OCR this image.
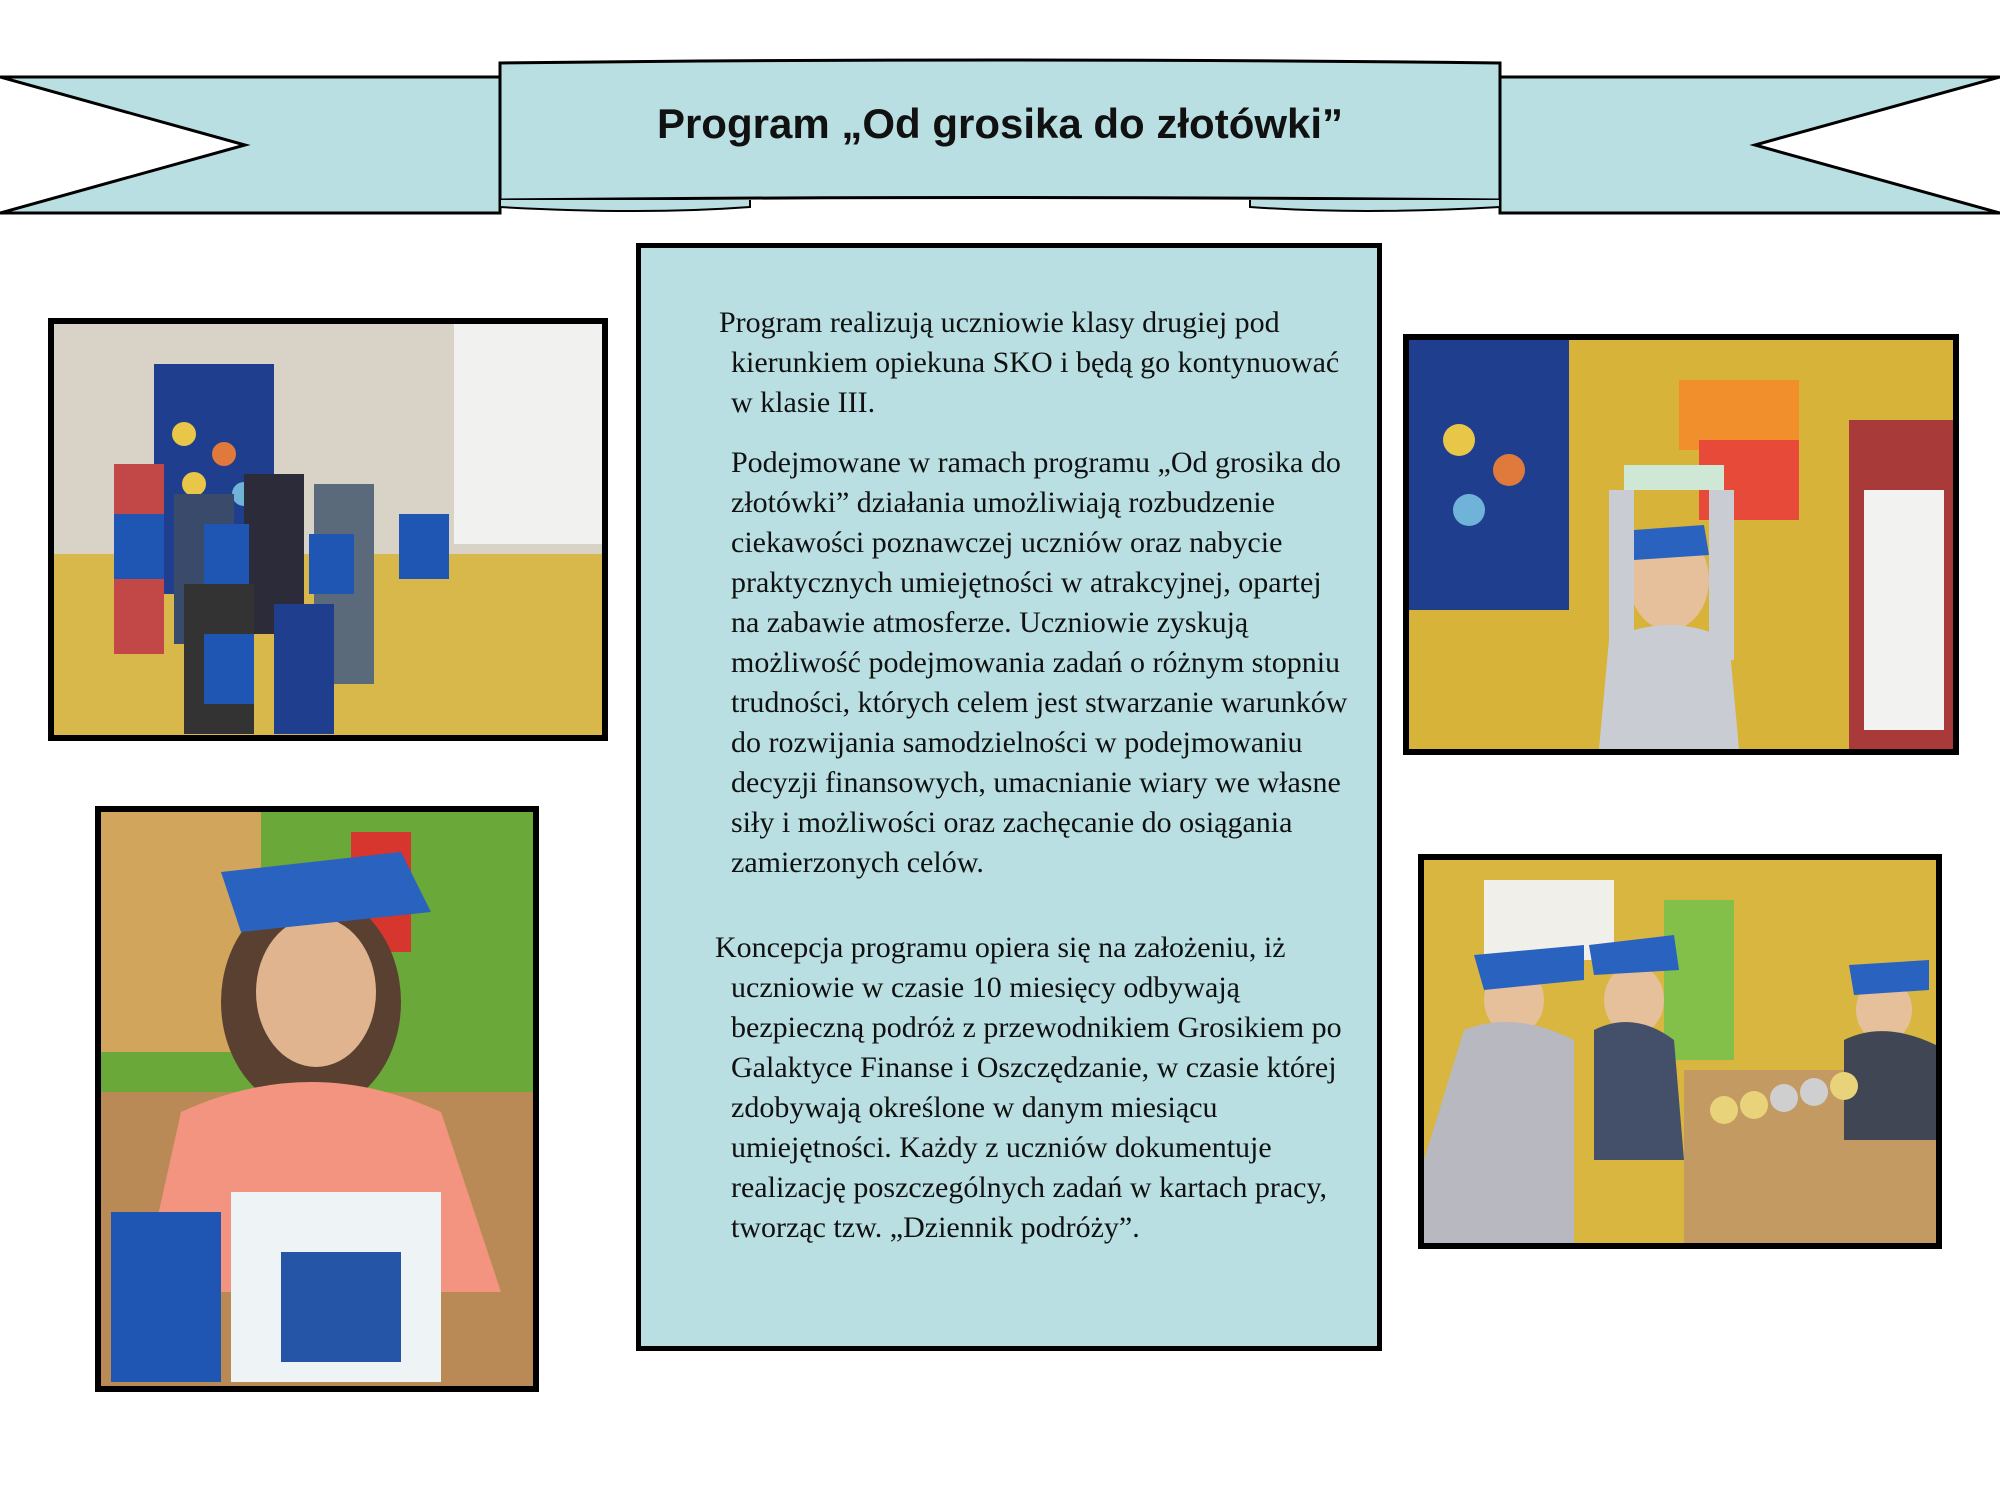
Program „Od grosika do złotówki”
Program realizują uczniowie klasy drugiej pod
kierunkiem opiekuna SKO i będą go kontynuować w klasie III.
Podejmowane w ramach programu „Od grosika do złotówki” działania umożliwiają rozbudzenie ciekawości poznawczej uczniów oraz nabycie praktycznych umiejętności w atrakcyjnej, opartej na zabawie atmosferze. Uczniowie zyskują możliwość podejmowania zadań o różnym stopniu trudności, których celem jest stwarzanie warunków do rozwijania samodzielności w podejmowaniu decyzji finansowych, umacnianie wiary we własne siły i możliwości oraz zachęcanie do osiągania zamierzonych celów.
Koncepcja programu opiera się na założeniu, iż
uczniowie w czasie 10 miesięcy odbywają bezpieczną podróż z przewodnikiem Grosikiem po Galaktyce Finanse i Oszczędzanie, w czasie której zdobywają określone w danym miesiącu umiejętności. Każdy z uczniów dokumentuje realizację poszczególnych zadań w kartach pracy, tworząc tzw. „Dziennik podróży”.
